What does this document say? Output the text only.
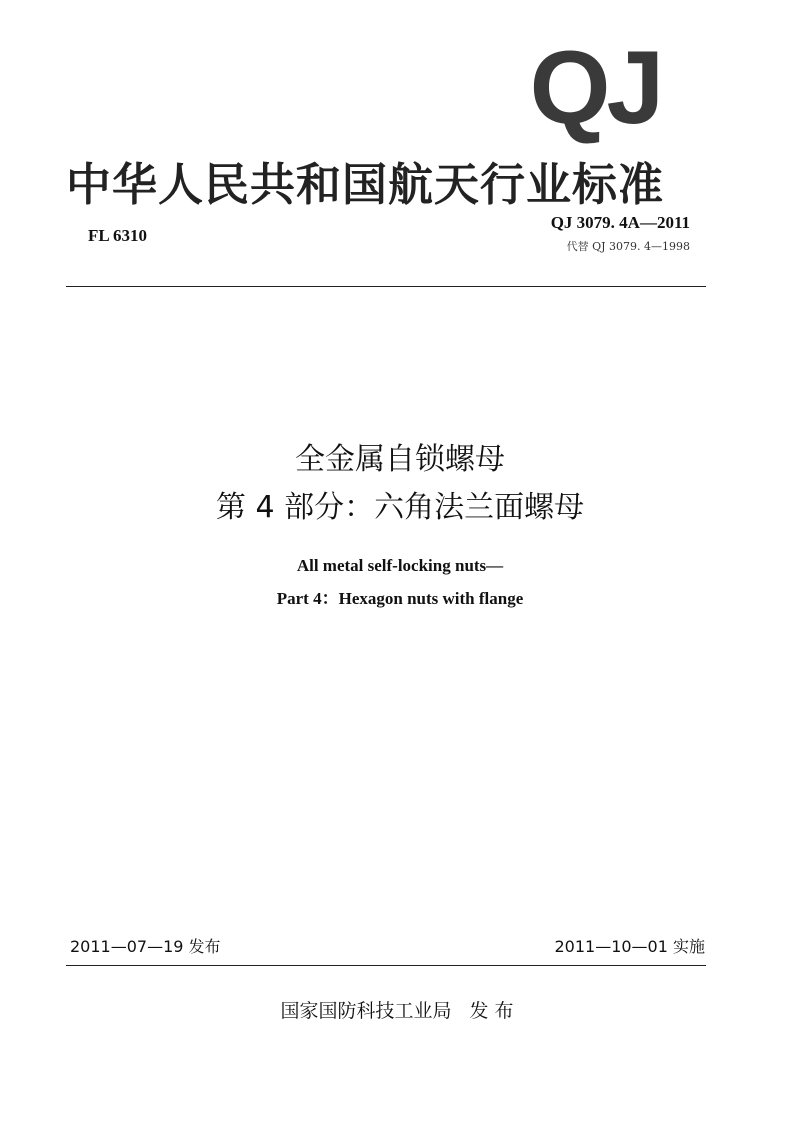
QJ
中华人民共和国航天行业标准
FL 6310
QJ 3079. 4A—2011
代替 QJ 3079. 4—1998
全金属自锁螺母
第 4 部分：六角法兰面螺母
All metal self-locking nuts—
Part 4：Hexagon nuts with flange
2011—07—19 发布	2011—10—01 实施
国家国防科技工业局 发布
